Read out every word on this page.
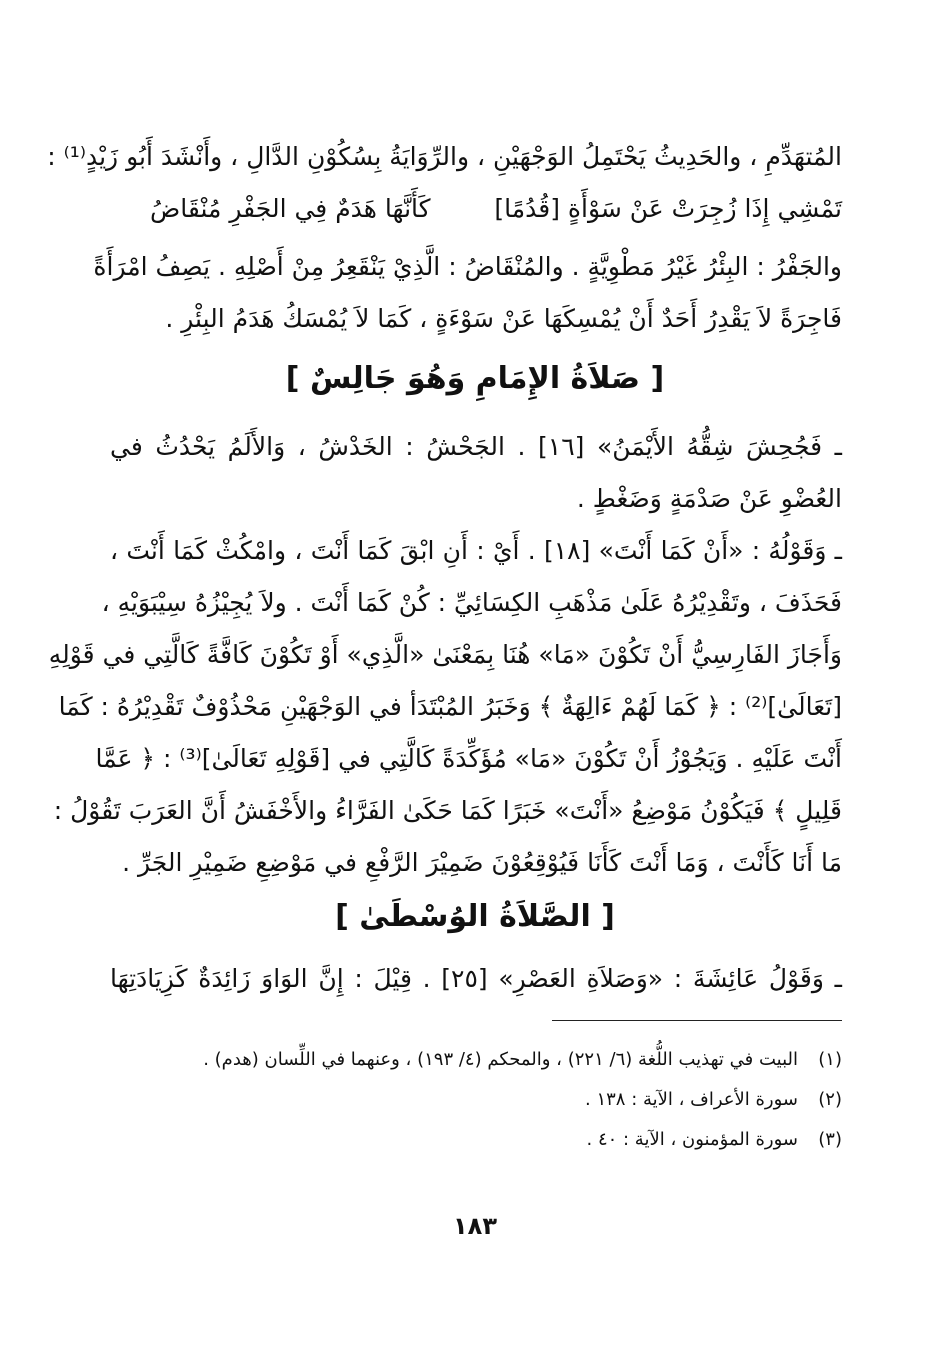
المُتهَدِّمِ ، والحَدِيثُ يَحْتَمِلُ الوَجْهَيْنِ ، والرِّوَايَةُ بِسُكُوْنِ الدَّالِ ، وأَنْشَدَ أَبُو زَيْدٍ⁽¹⁾ :
تَمْشِي إِذَا زُجِرَتْ عَنْ سَوْأَةٍ [قُدُمًا]
كَأَنَّهَا هَدَمٌ فِي الجَفْرِ مُنْقَاضُ
والجَفْرُ : البِئْرُ غَيْرُ مَطْوِيَّةٍ . والمُنْقَاضُ : الَّذِيْ يَنْقَعِرُ مِنْ أَصْلِهِ . يَصِفُ امْرَأَةً
فَاجِرَةً لاَ يَقْدِرُ أَحَدٌ أَنْ يُمْسِكَهَا عَنْ سَوْءَةٍ ، كَمَا لاَ يُمْسَكُ هَدَمُ البِئْرِ .
[ صَلاَةُ الإِمَامِ وَهُوَ جَالِسٌ ]
ـ فَجُحِشَ شِقُّهُ الأَيْمَنُ» [١٦] . الجَحْشُ : الخَدْشُ ، وَالأَلَمُ يَحْدُثُ في
العُضْوِ عَنْ صَدْمَةٍ وَضَغْطٍ .
ـ وَقَوْلُهُ : «أَنْ كَمَا أَنْتَ» [١٨] . أَيْ : أَنِ ابْقَ كَمَا أَنْتَ ، وامْكُثْ كَمَا أَنْتَ ،
فَحَذَفَ ، وتَقْدِيْرُهُ عَلَىٰ مَذْهَبِ الكِسَائِيِّ : كُنْ كَمَا أَنْتَ . ولاَ يُجِيْزُهُ سِيْبَوَيْهِ ،
وَأَجَازَ الفَارِسِيُّ أَنْ تَكُوْنَ «مَا» هُنَا بِمَعْنَىٰ «الَّذِي» أَوْ تَكُوْنَ كَافَّةً كَالَّتِي في قَوْلِهِ
[تَعَالَىٰ]⁽²⁾ : ﴿ كَمَا لَهُمْ ءَالِهَةٌ ﴾ وَخَبَرُ المُبْتَدَأ في الوَجْهَيْنِ مَحْذُوْفٌ تَقْدِيْرُهُ : كَمَا
أَنْتَ عَلَيْهِ . وَيَجُوْزُ أَنْ تَكُوْنَ «مَا» مُؤَكِّدَةً كَالَّتِي في [قَوْلِهِ تَعَالَىٰ]⁽³⁾ : ﴿ عَمَّا
قَلِيلٍ ﴾ فَيَكُوْنُ مَوْضِعُ «أَنْتَ» خَبَرًا كَمَا حَكَىٰ الفَرَّاءُ والأَخْفَشُ أَنَّ العَرَبَ تَقُوْلُ :
مَا أَنَا كَأَنْتَ ، وَمَا أَنْتَ كَأَنَا فَيُوْقِعُوْنَ ضَمِيْرَ الرَّفْعِ في مَوْضِعِ ضَمِيْرِ الجَرِّ .
[ الصَّلاَةُ الوُسْطَىٰ ]
ـ وَقَوْلُ عَائِشَةَ : «وَصَلاَةِ العَصْرِ» [٢٥] . قِيْلَ : إِنَّ الوَاوَ زَائِدَةٌ كَزِيَادَتِهَا
(١)البيت في تهذيب اللُّغة (٦/ ٢٢١) ، والمحكم (٤/ ١٩٣) ، وعنهما في اللِّسان (هدم) .
(٢)سورة الأعراف ، الآية : ١٣٨ .
(٣)سورة المؤمنون ، الآية : ٤٠ .
١٨٣
